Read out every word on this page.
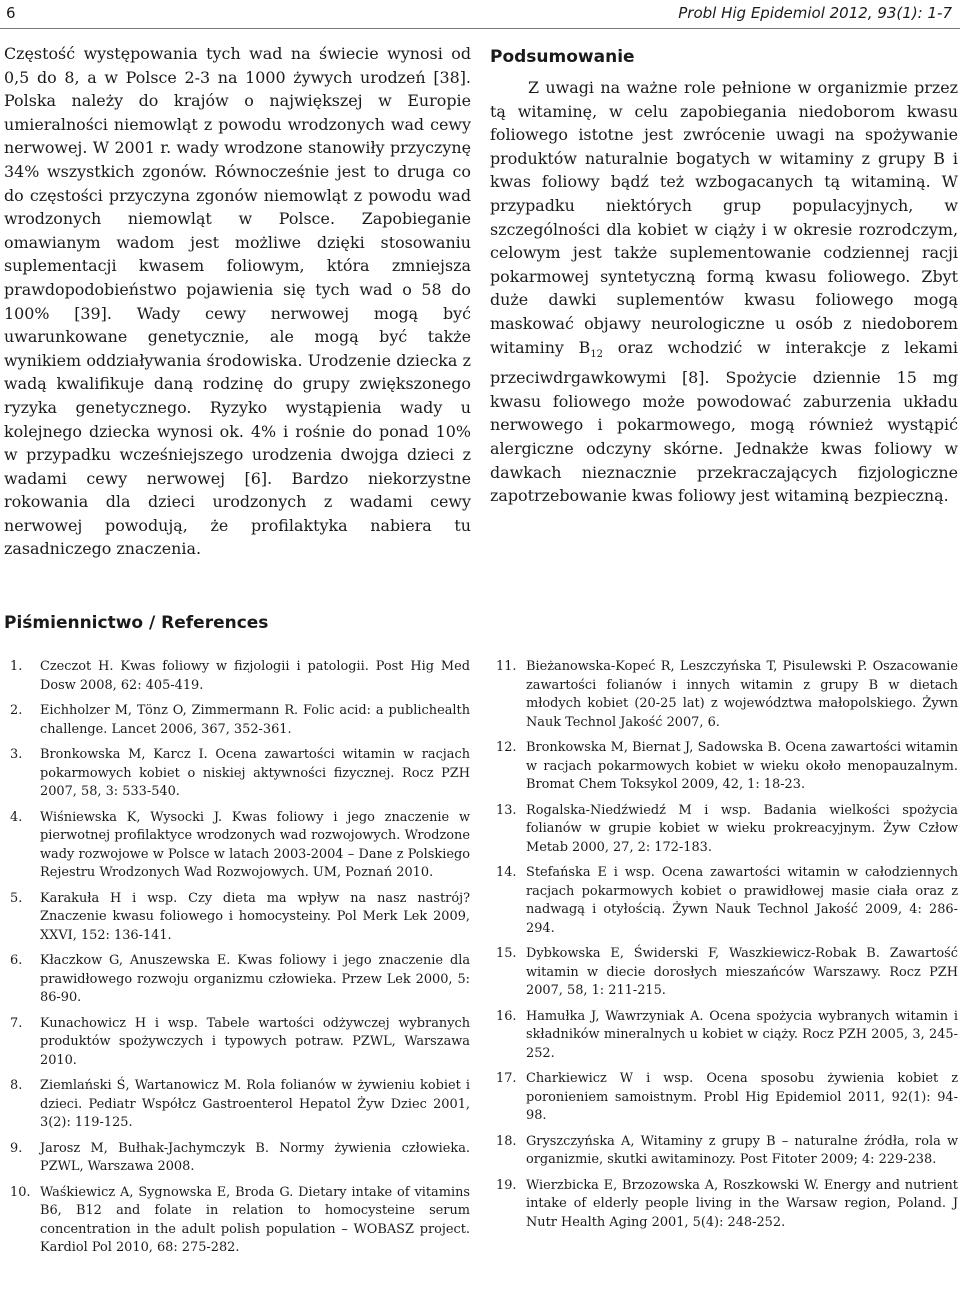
6	Probl Hig Epidemiol 2012, 93(1): 1-7

Częstość występowania tych wad na świecie wynosi od 0,5 do 8, a w Polsce 2-3 na 1000 żywych urodzeń [38]. Polska należy do krajów o największej w Europie umieralności niemowląt z powodu wrodzonych wad cewy nerwowej. W 2001 r. wady wrodzone stanowiły przyczynę 34% wszystkich zgonów. Równocześnie jest to druga co do częstości przyczyna zgonów niemowląt z powodu wad wrodzonych niemowląt w Polsce. Zapobieganie omawianym wadom jest możliwe dzięki stosowaniu suplementacji kwasem foliowym, która zmniejsza prawdopodobieństwo pojawienia się tych wad o 58 do 100% [39]. Wady cewy nerwowej mogą być uwarunkowane genetycznie, ale mogą być także wynikiem oddziaływania środowiska. Urodzenie dziecka z wadą kwalifikuje daną rodzinę do grupy zwiększonego ryzyka genetycznego. Ryzyko wystąpienia wady u kolejnego dziecka wynosi ok. 4% i rośnie do ponad 10% w przypadku wcześniejszego urodzenia dwojga dzieci z wadami cewy nerwowej [6]. Bardzo niekorzystne rokowania dla dzieci urodzonych z wadami cewy nerwowej powodują, że profilaktyka nabiera tu zasadniczego znaczenia.

Podsumowanie

Z uwagi na ważne role pełnione w organizmie przez tą witaminę, w celu zapobiegania niedoborom kwasu foliowego istotne jest zwrócenie uwagi na spożywanie produktów naturalnie bogatych w witaminy z grupy B i kwas foliowy bądź też wzbogacanych tą witaminą. W przypadku niektórych grup populacyjnych, w szczególności dla kobiet w ciąży i w okresie rozrodczym, celowym jest także suplementowanie codziennej racji pokarmowej syntetyczną formą kwasu foliowego. Zbyt duże dawki suplementów kwasu foliowego mogą maskować objawy neurologiczne u osób z niedoborem witaminy $B_{12}$ oraz wchodzić w interakcje z lekami przeciwdrgawkowymi [8]. Spożycie dziennie 15 mg kwasu foliowego może powodować zaburzenia układu nerwowego i pokarmowego, mogą również wystąpić alergiczne odczyny skórne. Jednakże kwas foliowy w dawkach nieznacznie przekraczających fizjologiczne zapotrzebowanie kwas foliowy jest witaminą bezpieczną.

Piśmiennictwo / References
1. Czeczot H. Kwas foliowy w fizjologii i patologii. Post Hig Med Dosw 2008, 62: 405-419.
2. Eichholzer M, Tönz O, Zimmermann R. Folic acid: a publichealth challenge. Lancet 2006, 367, 352-361.
3. Bronkowska M, Karcz I. Ocena zawartości witamin w racjach pokarmowych kobiet o niskiej aktywności fizycznej. Rocz PZH 2007, 58, 3: 533-540.
4. Wiśniewska K, Wysocki J. Kwas foliowy i jego znaczenie w pierwotnej profilaktyce wrodzonych wad rozwojowych. Wrodzone wady rozwojowe w Polsce w latach 2003-2004 – Dane z Polskiego Rejestru Wrodzonych Wad Rozwojowych. UM, Poznań 2010.
5. Karakuła H i wsp. Czy dieta ma wpływ na nasz nastrój? Znaczenie kwasu foliowego i homocysteiny. Pol Merk Lek 2009, XXVI, 152: 136-141.
6. Kłaczkow G, Anuszewska E. Kwas foliowy i jego znaczenie dla prawidłowego rozwoju organizmu człowieka. Przew Lek 2000, 5: 86-90.
7. Kunachowicz H i wsp. Tabele wartości odżywczej wybranych produktów spożywczych i typowych potraw. PZWL, Warszawa 2010.
8. Ziemlański Ś, Wartanowicz M. Rola folianów w żywieniu kobiet i dzieci. Pediatr Współcz Gastroenterol Hepatol Żyw Dziec 2001, 3(2): 119-125.
9. Jarosz M, Bułhak-Jachymczyk B. Normy żywienia człowieka. PZWL, Warszawa 2008.
10. Waśkiewicz A, Sygnowska E, Broda G. Dietary intake of vitamins B6, B12 and folate in relation to homocysteine serum concentration in the adult polish population – WOBASZ project. Kardiol Pol 2010, 68: 275-282.
11. Bieżanowska-Kopeć R, Leszczyńska T, Pisulewski P. Oszacowanie zawartości folianów i innych witamin z grupy B w dietach młodych kobiet (20-25 lat) z województwa małopolskiego. Żywn Nauk Technol Jakość 2007, 6.
12. Bronkowska M, Biernat J, Sadowska B. Ocena zawartości witamin w racjach pokarmowych kobiet w wieku około menopauzalnym. Bromat Chem Toksykol 2009, 42, 1: 18-23.
13. Rogalska-Niedźwiedź M i wsp. Badania wielkości spożycia folianów w grupie kobiet w wieku prokreacyjnym. Żyw Człow Metab 2000, 27, 2: 172-183.
14. Stefańska E i wsp. Ocena zawartości witamin w całodziennych racjach pokarmowych kobiet o prawidłowej masie ciała oraz z nadwagą i otyłością. Żywn Nauk Technol Jakość 2009, 4: 286-294.
15. Dybkowska E, Świderski F, Waszkiewicz-Robak B. Zawartość witamin w diecie dorosłych mieszańców Warszawy. Rocz PZH 2007, 58, 1: 211-215.
16. Hamułka J, Wawrzyniak A. Ocena spożycia wybranych witamin i składników mineralnych u kobiet w ciąży. Rocz PZH 2005, 3, 245-252.
17. Charkiewicz W i wsp. Ocena sposobu żywienia kobiet z poronieniem samoistnym. Probl Hig Epidemiol 2011, 92(1): 94-98.
18. Gryszczyńska A, Witaminy z grupy B – naturalne źródła, rola w organizmie, skutki awitaminozy. Post Fitoter 2009; 4: 229-238.
19. Wierzbicka E, Brzozowska A, Roszkowski W. Energy and nutrient intake of elderly people living in the Warsaw region, Poland. J Nutr Health Aging 2001, 5(4): 248-252.
